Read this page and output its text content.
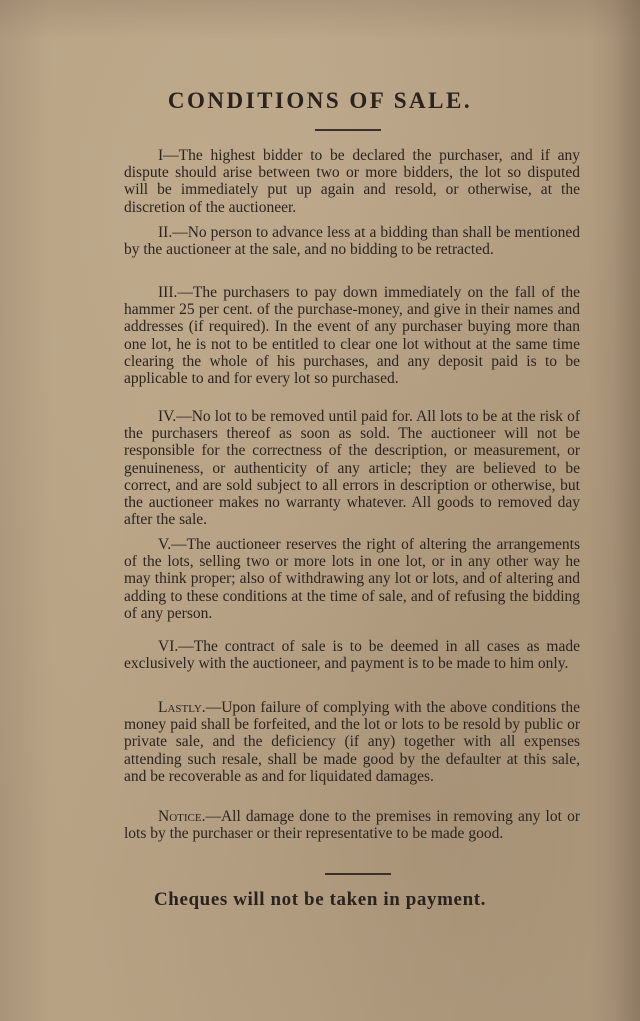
CONDITIONS OF SALE.

I—The highest bidder to be declared the purchaser, and if any dispute should arise between two or more bidders, the lot so disputed will be immediately put up again and resold, or otherwise, at the discretion of the auctioneer.

II.—No person to advance less at a bidding than shall be mentioned by the auctioneer at the sale, and no bidding to be retracted.

III.—The purchasers to pay down immediately on the fall of the hammer 25 per cent. of the purchase-money, and give in their names and addresses (if required). In the event of any purchaser buying more than one lot, he is not to be entitled to clear one lot without at the same time clearing the whole of his purchases, and any deposit paid is to be applicable to and for every lot so purchased.

IV.—No lot to be removed until paid for. All lots to be at the risk of the purchasers thereof as soon as sold. The auctioneer will not be responsible for the correctness of the description, or measurement, or genuineness, or authenticity of any article; they are believed to be correct, and are sold subject to all errors in description or otherwise, but the auctioneer makes no warranty whatever. All goods to removed day after the sale.

V.—The auctioneer reserves the right of altering the arrangements of the lots, selling two or more lots in one lot, or in any other way he may think proper; also of withdrawing any lot or lots, and of altering and adding to these conditions at the time of sale, and of refusing the bidding of any person.

VI.—The contract of sale is to be deemed in all cases as made exclusively with the auctioneer, and payment is to be made to him only.

Lastly.—Upon failure of complying with the above conditions the money paid shall be forfeited, and the lot or lots to be resold by public or private sale, and the deficiency (if any) together with all expenses attending such resale, shall be made good by the defaulter at this sale, and be recoverable as and for liquidated damages.

Notice.—All damage done to the premises in removing any lot or lots by the purchaser or their representative to be made good.

Cheques will not be taken in payment.
